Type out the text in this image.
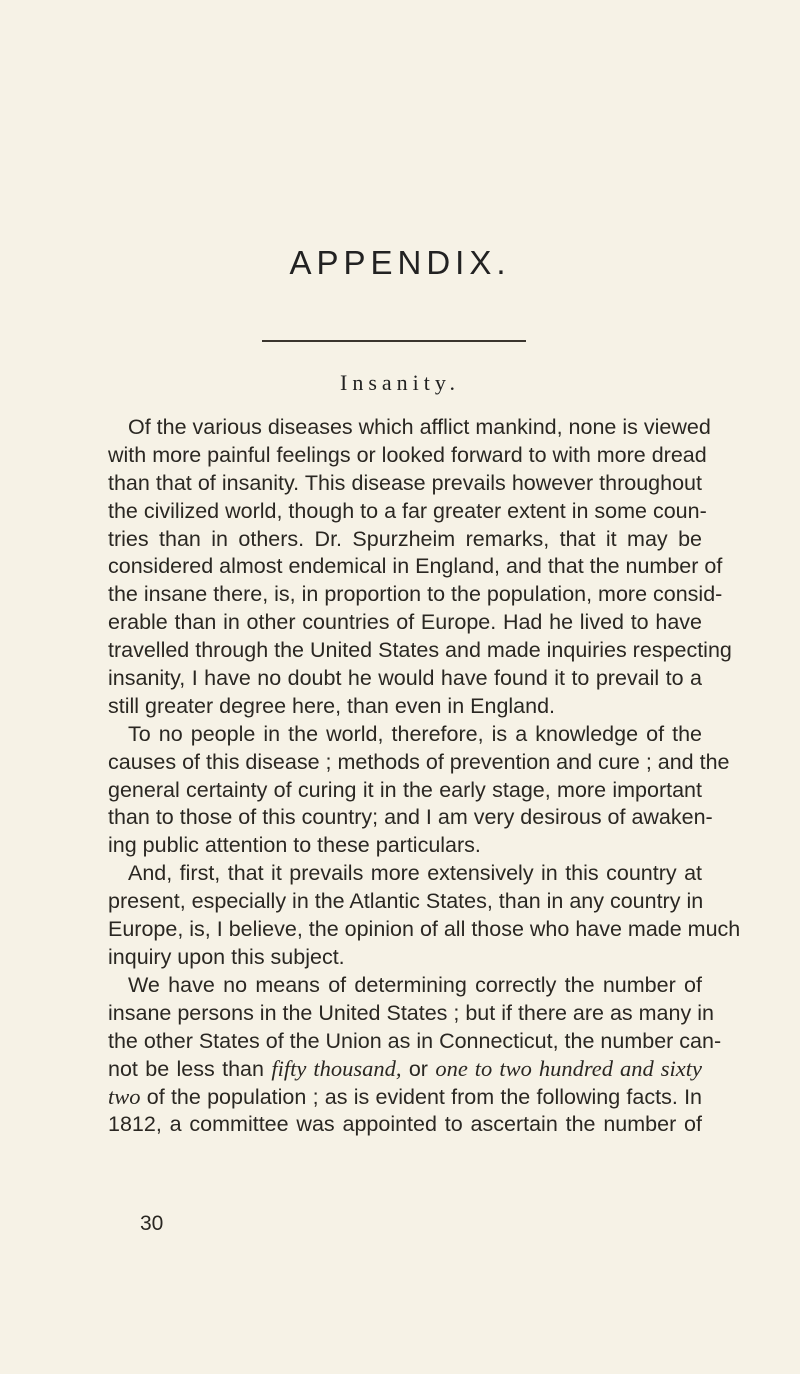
APPENDIX.
Insanity.
Of the various diseases which afflict mankind, none is viewed
with more painful feelings or looked forward to with more dread
than that of insanity. This disease prevails however throughout
the civilized world, though to a far greater extent in some coun-
tries than in others. Dr. Spurzheim remarks, that it may be
considered almost endemical in England, and that the number of
the insane there, is, in proportion to the population, more consid-
erable than in other countries of Europe. Had he lived to have
travelled through the United States and made inquiries respecting
insanity, I have no doubt he would have found it to prevail to a
still greater degree here, than even in England.
To no people in the world, therefore, is a knowledge of the
causes of this disease ; methods of prevention and cure ; and the
general certainty of curing it in the early stage, more important
than to those of this country; and I am very desirous of awaken-
ing public attention to these particulars.
And, first, that it prevails more extensively in this country at
present, especially in the Atlantic States, than in any country in
Europe, is, I believe, the opinion of all those who have made much
inquiry upon this subject.
We have no means of determining correctly the number of
insane persons in the United States ; but if there are as many in
the other States of the Union as in Connecticut, the number can-
not be less than fifty thousand, or one to two hundred and sixty
two of the population ; as is evident from the following facts. In
1812, a committee was appointed to ascertain the number of
30
